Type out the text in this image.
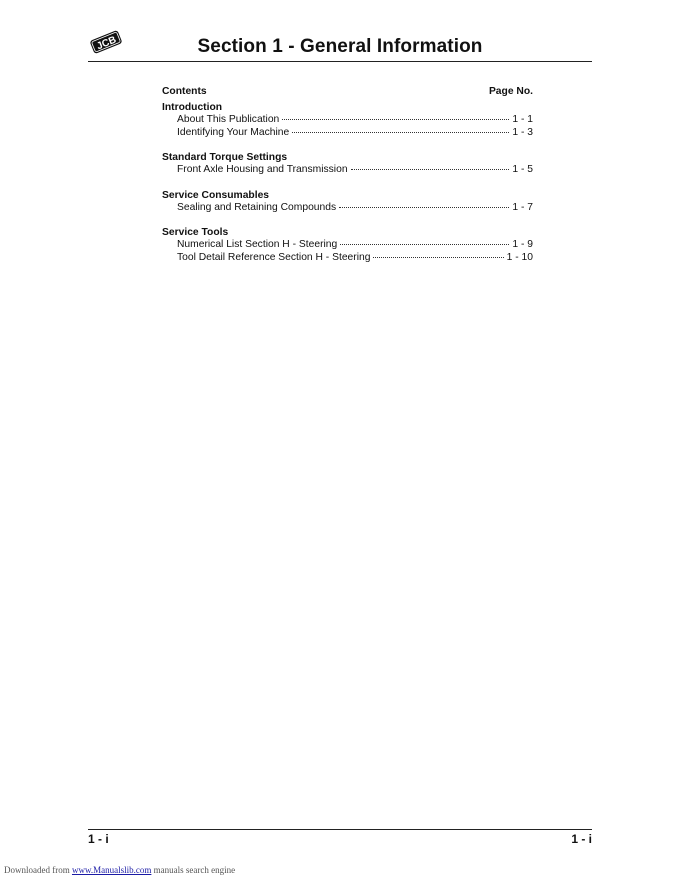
JCB	Section 1 - General Information
Contents	Page No.
Introduction
About This Publication	1 - 1
Identifying Your Machine	1 - 3
Standard Torque Settings
Front Axle Housing and Transmission	1 - 5
Service Consumables
Sealing and Retaining Compounds	1 - 7
Service Tools
Numerical List Section H - Steering	1 - 9
Tool Detail Reference Section H - Steering	1 - 10
1 - i	1 - i
Downloaded from www.Manualslib.com manuals search engine
